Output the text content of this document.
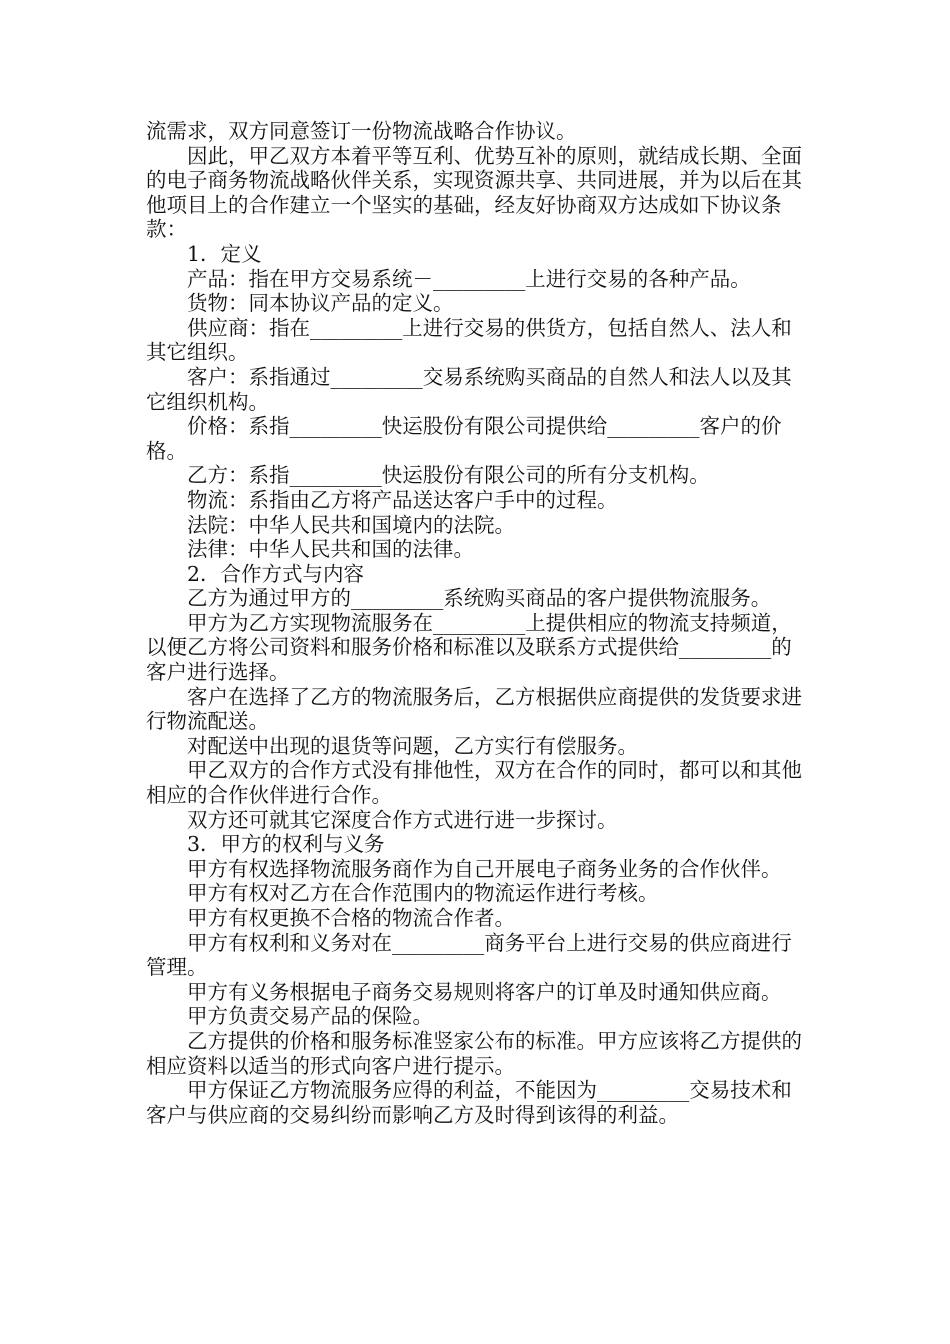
流需求，双方同意签订一份物流战略合作协议。

因此，甲乙双方本着平等互利、优势互补的原则，就结成长期、全面的电子商务物流战略伙伴关系，实现资源共享、共同进展，并为以后在其他项目上的合作建立一个坚实的基础，经友好协商双方达成如下协议条款：

1．定义

产品：指在甲方交易系统－_________上进行交易的各种产品。

货物：同本协议产品的定义。

供应商：指在_________上进行交易的供货方，包括自然人、法人和其它组织。

客户：系指通过_________交易系统购买商品的自然人和法人以及其它组织机构。

价格：系指_________快运股份有限公司提供给_________客户的价格。

乙方：系指_________快运股份有限公司的所有分支机构。

物流：系指由乙方将产品送达客户手中的过程。

法院：中华人民共和国境内的法院。

法律：中华人民共和国的法律。

2．合作方式与内容

乙方为通过甲方的_________系统购买商品的客户提供物流服务。

甲方为乙方实现物流服务在_________上提供相应的物流支持频道，以便乙方将公司资料和服务价格和标准以及联系方式提供给_________的客户进行选择。

客户在选择了乙方的物流服务后，乙方根据供应商提供的发货要求进行物流配送。

对配送中出现的退货等问题，乙方实行有偿服务。

甲乙双方的合作方式没有排他性，双方在合作的同时，都可以和其他相应的合作伙伴进行合作。

双方还可就其它深度合作方式进行进一步探讨。

3．甲方的权利与义务

甲方有权选择物流服务商作为自己开展电子商务业务的合作伙伴。

甲方有权对乙方在合作范围内的物流运作进行考核。

甲方有权更换不合格的物流合作者。

甲方有权利和义务对在_________商务平台上进行交易的供应商进行管理。

甲方有义务根据电子商务交易规则将客户的订单及时通知供应商。

甲方负责交易产品的保险。

乙方提供的价格和服务标准竖家公布的标准。甲方应该将乙方提供的相应资料以适当的形式向客户进行提示。

甲方保证乙方物流服务应得的利益，不能因为_________交易技术和客户与供应商的交易纠纷而影响乙方及时得到该得的利益。
